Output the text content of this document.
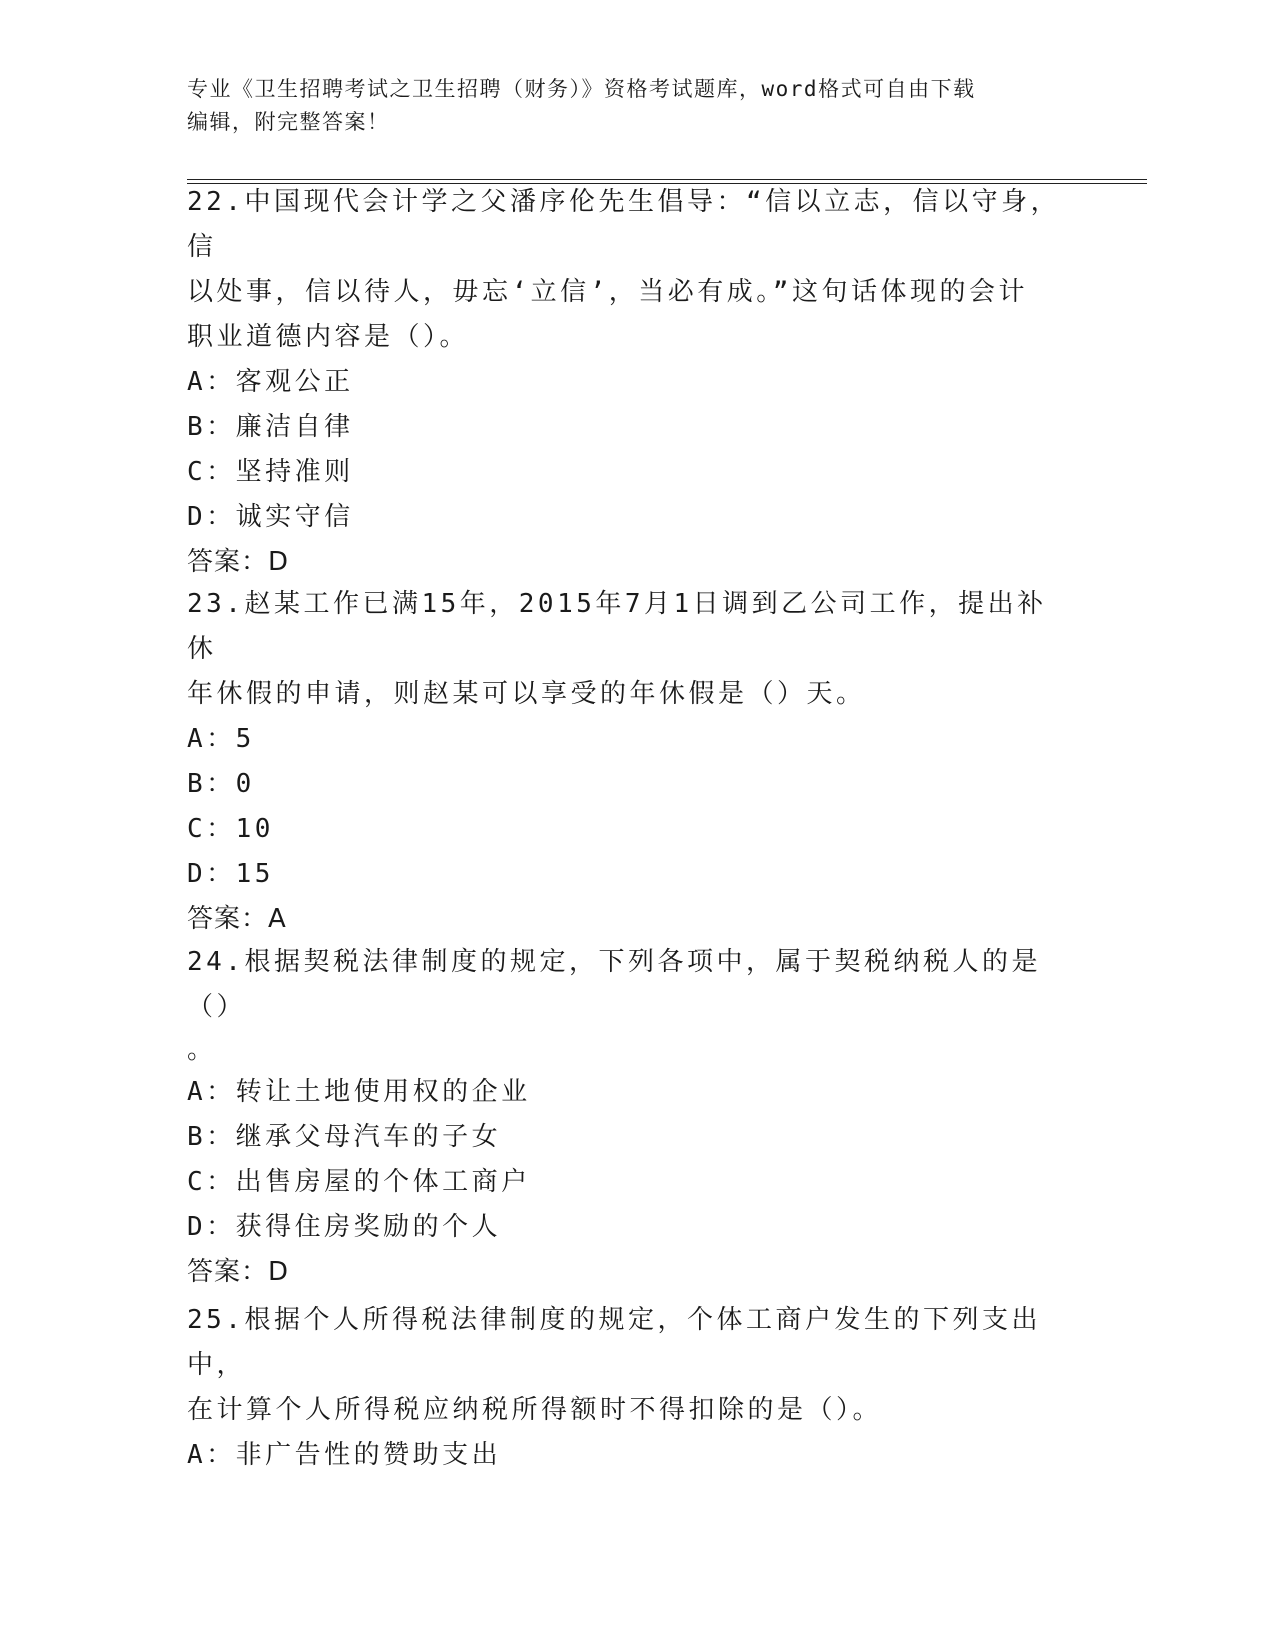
专业《卫生招聘考试之卫生招聘（财务）》资格考试题库，word格式可自由下载
编辑，附完整答案！
22.中国现代会计学之父潘序伦先生倡导：“信以立志，信以守身，信
以处事，信以待人，毋忘‘立信’，当必有成。”这句话体现的会计
职业道德内容是（）。
A：客观公正
B：廉洁自律
C：坚持准则
D：诚实守信
答案：D
23.赵某工作已满15年，2015年7月1日调到乙公司工作，提出补休
年休假的申请，则赵某可以享受的年休假是（）天。
A：5
B：0
C：10
D：15
答案：A
24.根据契税法律制度的规定，下列各项中，属于契税纳税人的是（）
。
A：转让土地使用权的企业
B：继承父母汽车的子女
C：出售房屋的个体工商户
D：获得住房奖励的个人
答案：D
25.根据个人所得税法律制度的规定，个体工商户发生的下列支出中，
在计算个人所得税应纳税所得额时不得扣除的是（）。
A：非广告性的赞助支出
